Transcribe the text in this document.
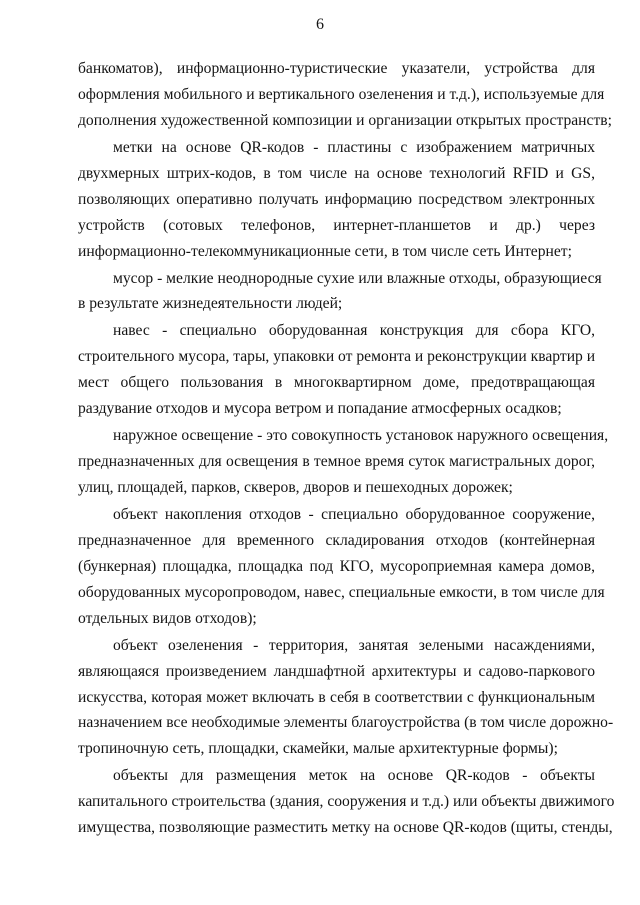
6
банкоматов), информационно-туристические указатели, устройства для
оформления мобильного и вертикального озеленения и т.д.), используемые для
дополнения художественной композиции и организации открытых пространств;
метки на основе QR-кодов - пластины с изображением матричных
двухмерных штрих-кодов, в том числе на основе технологий RFID и GS,
позволяющих оперативно получать информацию посредством электронных
устройств (сотовых телефонов, интернет-планшетов и др.) через
информационно-телекоммуникационные сети, в том числе сеть Интернет;
мусор - мелкие неоднородные сухие или влажные отходы, образующиеся
в результате жизнедеятельности людей;
навес - специально оборудованная конструкция для сбора КГО,
строительного мусора, тары, упаковки от ремонта и реконструкции квартир и
мест общего пользования в многоквартирном доме, предотвращающая
раздувание отходов и мусора ветром и попадание атмосферных осадков;
наружное освещение - это совокупность установок наружного освещения,
предназначенных для освещения в темное время суток магистральных дорог,
улиц, площадей, парков, скверов, дворов и пешеходных дорожек;
объект накопления отходов - специально оборудованное сооружение,
предназначенное для временного складирования отходов (контейнерная
(бункерная) площадка, площадка под КГО, мусороприемная камера домов,
оборудованных мусоропроводом, навес, специальные емкости, в том числе для
отдельных видов отходов);
объект озеленения - территория, занятая зелеными насаждениями,
являющаяся произведением ландшафтной архитектуры и садово-паркового
искусства, которая может включать в себя в соответствии с функциональным
назначением все необходимые элементы благоустройства (в том числе дорожно-
тропиночную сеть, площадки, скамейки, малые архитектурные формы);
объекты для размещения меток на основе QR-кодов - объекты
капитального строительства (здания, сооружения и т.д.) или объекты движимого
имущества, позволяющие разместить метку на основе QR-кодов (щиты, стенды,
